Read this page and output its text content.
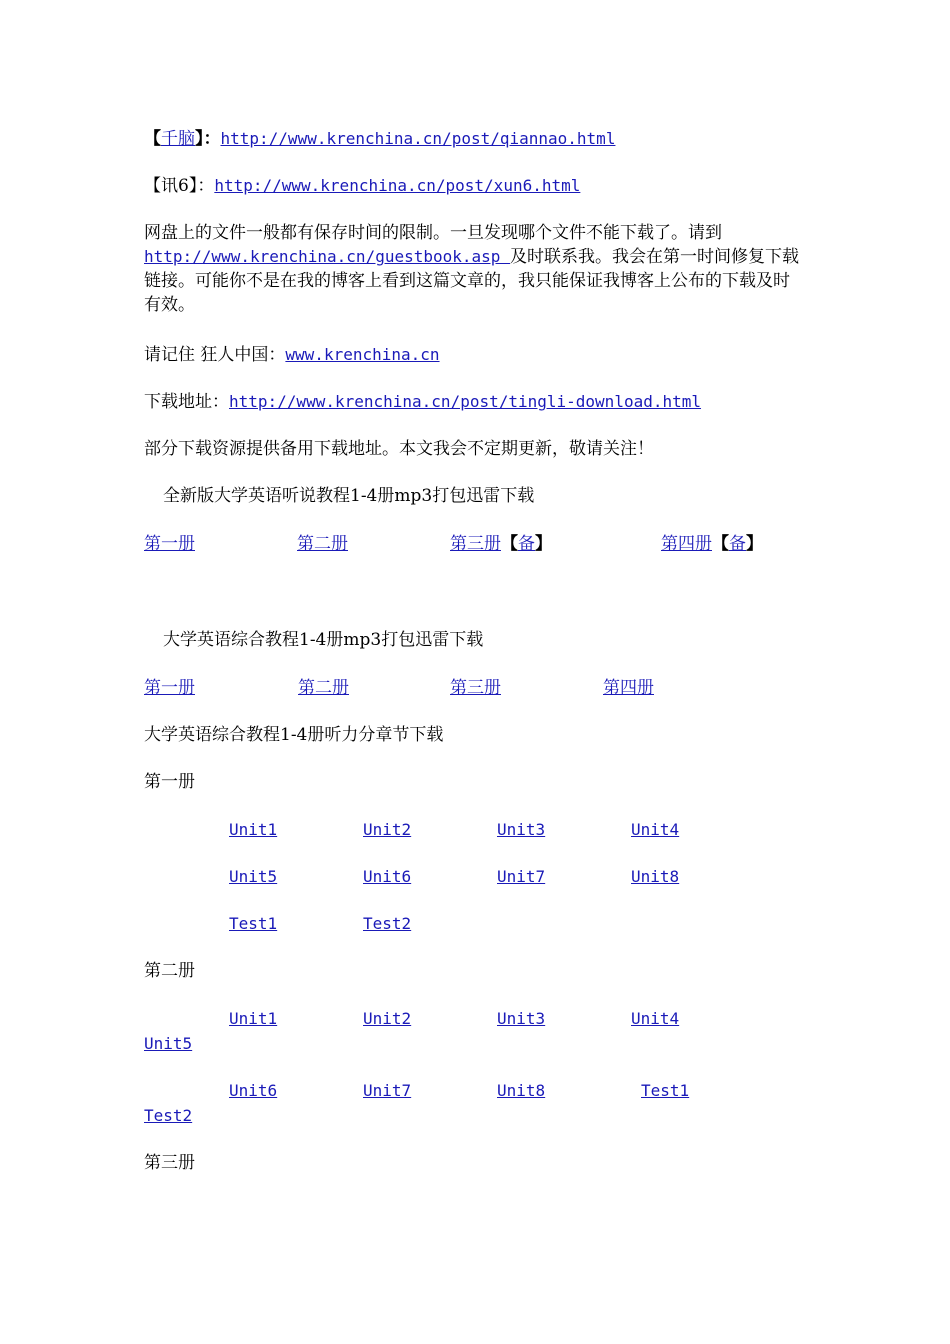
【千脑】：http://www.krenchina.cn/post/qiannao.html
【讯6】：http://www.krenchina.cn/post/xun6.html
网盘上的文件一般都有保存时间的限制。一旦发现哪个文件不能下载了。请到http://www.krenchina.cn/guestbook.asp 及时联系我。我会在第一时间修复下载链接。可能你不是在我的博客上看到这篇文章的，我只能保证我博客上公布的下载及时有效。
请记住 狂人中国：www.krenchina.cn
下载地址：http://www.krenchina.cn/post/tingli-download.html
部分下载资源提供备用下载地址。本文我会不定期更新，敬请关注！
全新版大学英语听说教程1-4册mp3打包迅雷下载
第一册	第二册	第三册【备】	第四册【备】
大学英语综合教程1-4册mp3打包迅雷下载
第一册	第二册	第三册	第四册
大学英语综合教程1-4册听力分章节下载
第一册
Unit1	Unit2	Unit3	Unit4
Unit5	Unit6	Unit7	Unit8
Test1	Test2
第二册
Unit1	Unit2	Unit3	Unit4
Unit5
Unit6	Unit7	Unit8	Test1
Test2
第三册
